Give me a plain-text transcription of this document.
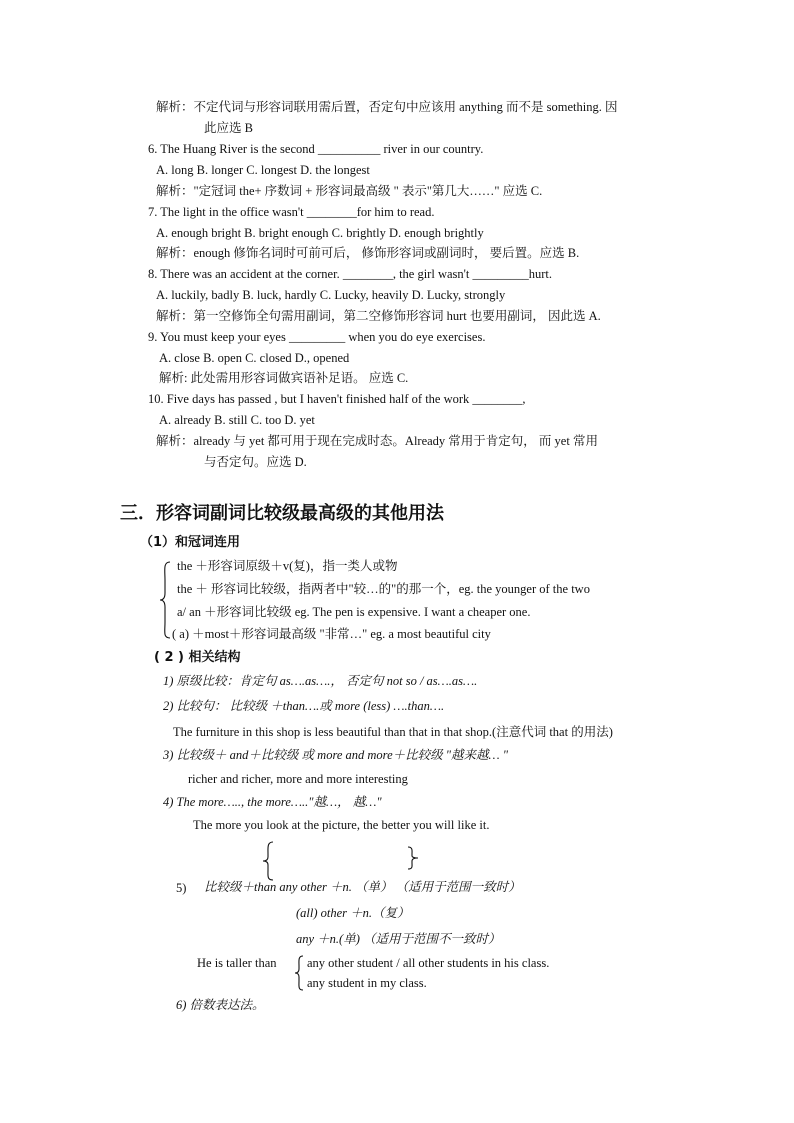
解析：不定代词与形容词联用需后置，否定句中应该用 anything 而不是 something. 因
此应选 B
6. The Huang River is the second __________ river in our country.
A. long B. longer C. longest D. the longest
解析："定冠词 the+ 序数词 + 形容词最高级 " 表示"第几大……" 应选 C.
7. The light in the office wasn't ________for him to read.
A. enough bright B. bright enough C. brightly D. enough brightly
解析：enough 修饰名词时可前可后， 修饰形容词或副词时， 要后置。应选 B.
8. There was an accident at the corner. ________, the girl wasn't _________hurt.
A. luckily, badly B. luck, hardly C. Lucky, heavily D. Lucky, strongly
解析：第一空修饰全句需用副词，第二空修饰形容词 hurt 也要用副词， 因此选 A.
9. You must keep your eyes _________ when you do eye exercises.
A. close B. open C. closed D., opened
解析: 此处需用形容词做宾语补足语。 应选 C.
10. Five days has passed , but I haven't finished half of the work ________,
A. already B. still C. too D. yet
解析：already 与 yet 都可用于现在完成时态。Already 常用于肯定句， 而 yet 常用
与否定句。应选 D.
三．形容词副词比较级最高级的其他用法
（1）和冠词连用
the ＋形容词原级＋v(复)，指一类人或物
the ＋ 形容词比较级，指两者中"较…的"的那一个，eg. the younger of the two
a/ an ＋形容词比较级 eg. The pen is expensive. I want a cheaper one.
( a) ＋most＋形容词最高级 "非常…" eg. a most beautiful city
( 2 ) 相关结构
1) 原级比较：肯定句 as….as….， 否定句 not so / as….as….
2) 比较句： 比较级 ＋than….或 more (less) ….than….
The furniture in this shop is less beautiful than that in that shop.(注意代词 that 的用法)
3) 比较级＋ and＋比较级 或 more and more＋比较级 "越来越… "
richer and richer, more and more interesting
4) The more….., the more….."越…， 越…"
The more you look at the picture, the better you will like it.
5) 比较级＋than any other ＋n. （单） （适用于范围一致时）
(all) other ＋n.（复）
any ＋n.(单) （适用于范围不一致时）
He is taller than any other student / all other students in his class.
any student in my class.
6) 倍数表达法。
